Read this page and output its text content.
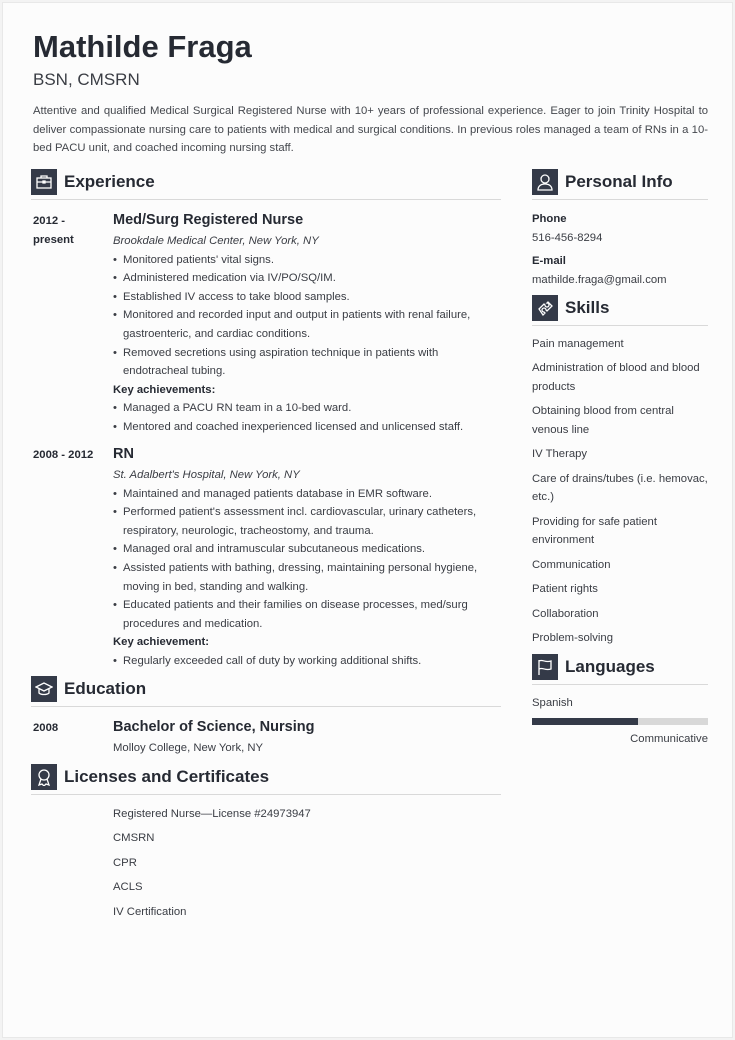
Mathilde Fraga
BSN, CMSRN
Attentive and qualified Medical Surgical Registered Nurse with 10+ years of professional experience. Eager to join Trinity Hospital to deliver compassionate nursing care to patients with medical and surgical conditions. In previous roles managed a team of RNs in a 10-bed PACU unit, and coached incoming nursing staff.
Experience
2012 - present
Med/Surg Registered Nurse
Brookdale Medical Center, New York, NY
• Monitored patients' vital signs.
• Administered medication via IV/PO/SQ/IM.
• Established IV access to take blood samples.
• Monitored and recorded input and output in patients with renal failure, gastroenteric, and cardiac conditions.
• Removed secretions using aspiration technique in patients with endotracheal tubing.
Key achievements:
• Managed a PACU RN team in a 10-bed ward.
• Mentored and coached inexperienced licensed and unlicensed staff.
2008 - 2012	RN
St. Adalbert's Hospital, New York, NY
• Maintained and managed patients database in EMR software.
• Performed patient's assessment incl. cardiovascular, urinary catheters, respiratory, neurologic, tracheostomy, and trauma.
• Managed oral and intramuscular subcutaneous medications.
• Assisted patients with bathing, dressing, maintaining personal hygiene, moving in bed, standing and walking.
• Educated patients and their families on disease processes, med/surg procedures and medication.
Key achievement:
• Regularly exceeded call of duty by working additional shifts.
Education
2008	Bachelor of Science, Nursing
Molloy College, New York, NY
Licenses and Certificates
Registered Nurse—License #24973947
CMSRN
CPR
ACLS
IV Certification
Personal Info
Phone
516-456-8294
E-mail
mathilde.fraga@gmail.com
Skills
Pain management
Administration of blood and blood products
Obtaining blood from central venous line
IV Therapy
Care of drains/tubes (i.e. hemovac, etc.)
Providing for safe patient environment
Communication
Patient rights
Collaboration
Problem-solving
Languages
Spanish
Communicative
